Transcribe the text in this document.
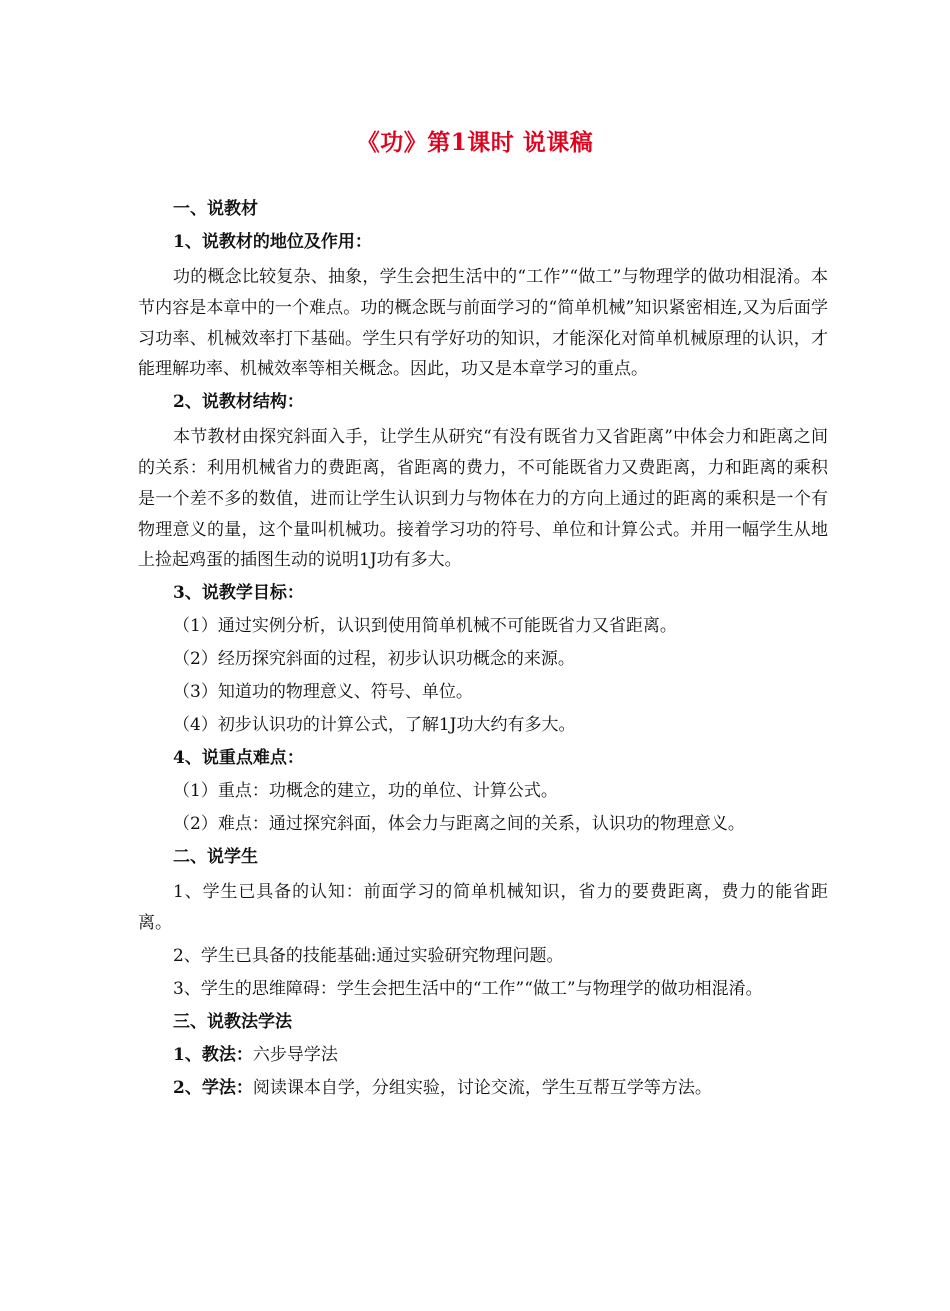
《功》第1课时 说课稿
一、说教材
1、说教材的地位及作用：
功的概念比较复杂、抽象，学生会把生活中的“工作”“做工”与物理学的做功相混淆。本节内容是本章中的一个难点。功的概念既与前面学习的“简单机械”知识紧密相连,又为后面学习功率、机械效率打下基础。学生只有学好功的知识，才能深化对简单机械原理的认识，才能理解功率、机械效率等相关概念。因此，功又是本章学习的重点。
2、说教材结构：
本节教材由探究斜面入手，让学生从研究“有没有既省力又省距离”中体会力和距离之间的关系：利用机械省力的费距离，省距离的费力，不可能既省力又费距离，力和距离的乘积是一个差不多的数值，进而让学生认识到力与物体在力的方向上通过的距离的乘积是一个有物理意义的量，这个量叫机械功。接着学习功的符号、单位和计算公式。并用一幅学生从地上捡起鸡蛋的插图生动的说明1J功有多大。
3、说教学目标：
（1）通过实例分析，认识到使用简单机械不可能既省力又省距离。
（2）经历探究斜面的过程，初步认识功概念的来源。
（3）知道功的物理意义、符号、单位。
（4）初步认识功的计算公式，了解1J功大约有多大。
4、说重点难点：
（1）重点：功概念的建立，功的单位、计算公式。
（2）难点：通过探究斜面，体会力与距离之间的关系，认识功的物理意义。
二、说学生
1、学生已具备的认知：前面学习的简单机械知识，省力的要费距离，费力的能省距离。
2、学生已具备的技能基础:通过实验研究物理问题。
3、学生的思维障碍：学生会把生活中的“工作”“做工”与物理学的做功相混淆。
三、说教法学法
1、教法：六步导学法
2、学法：阅读课本自学，分组实验，讨论交流，学生互帮互学等方法。
